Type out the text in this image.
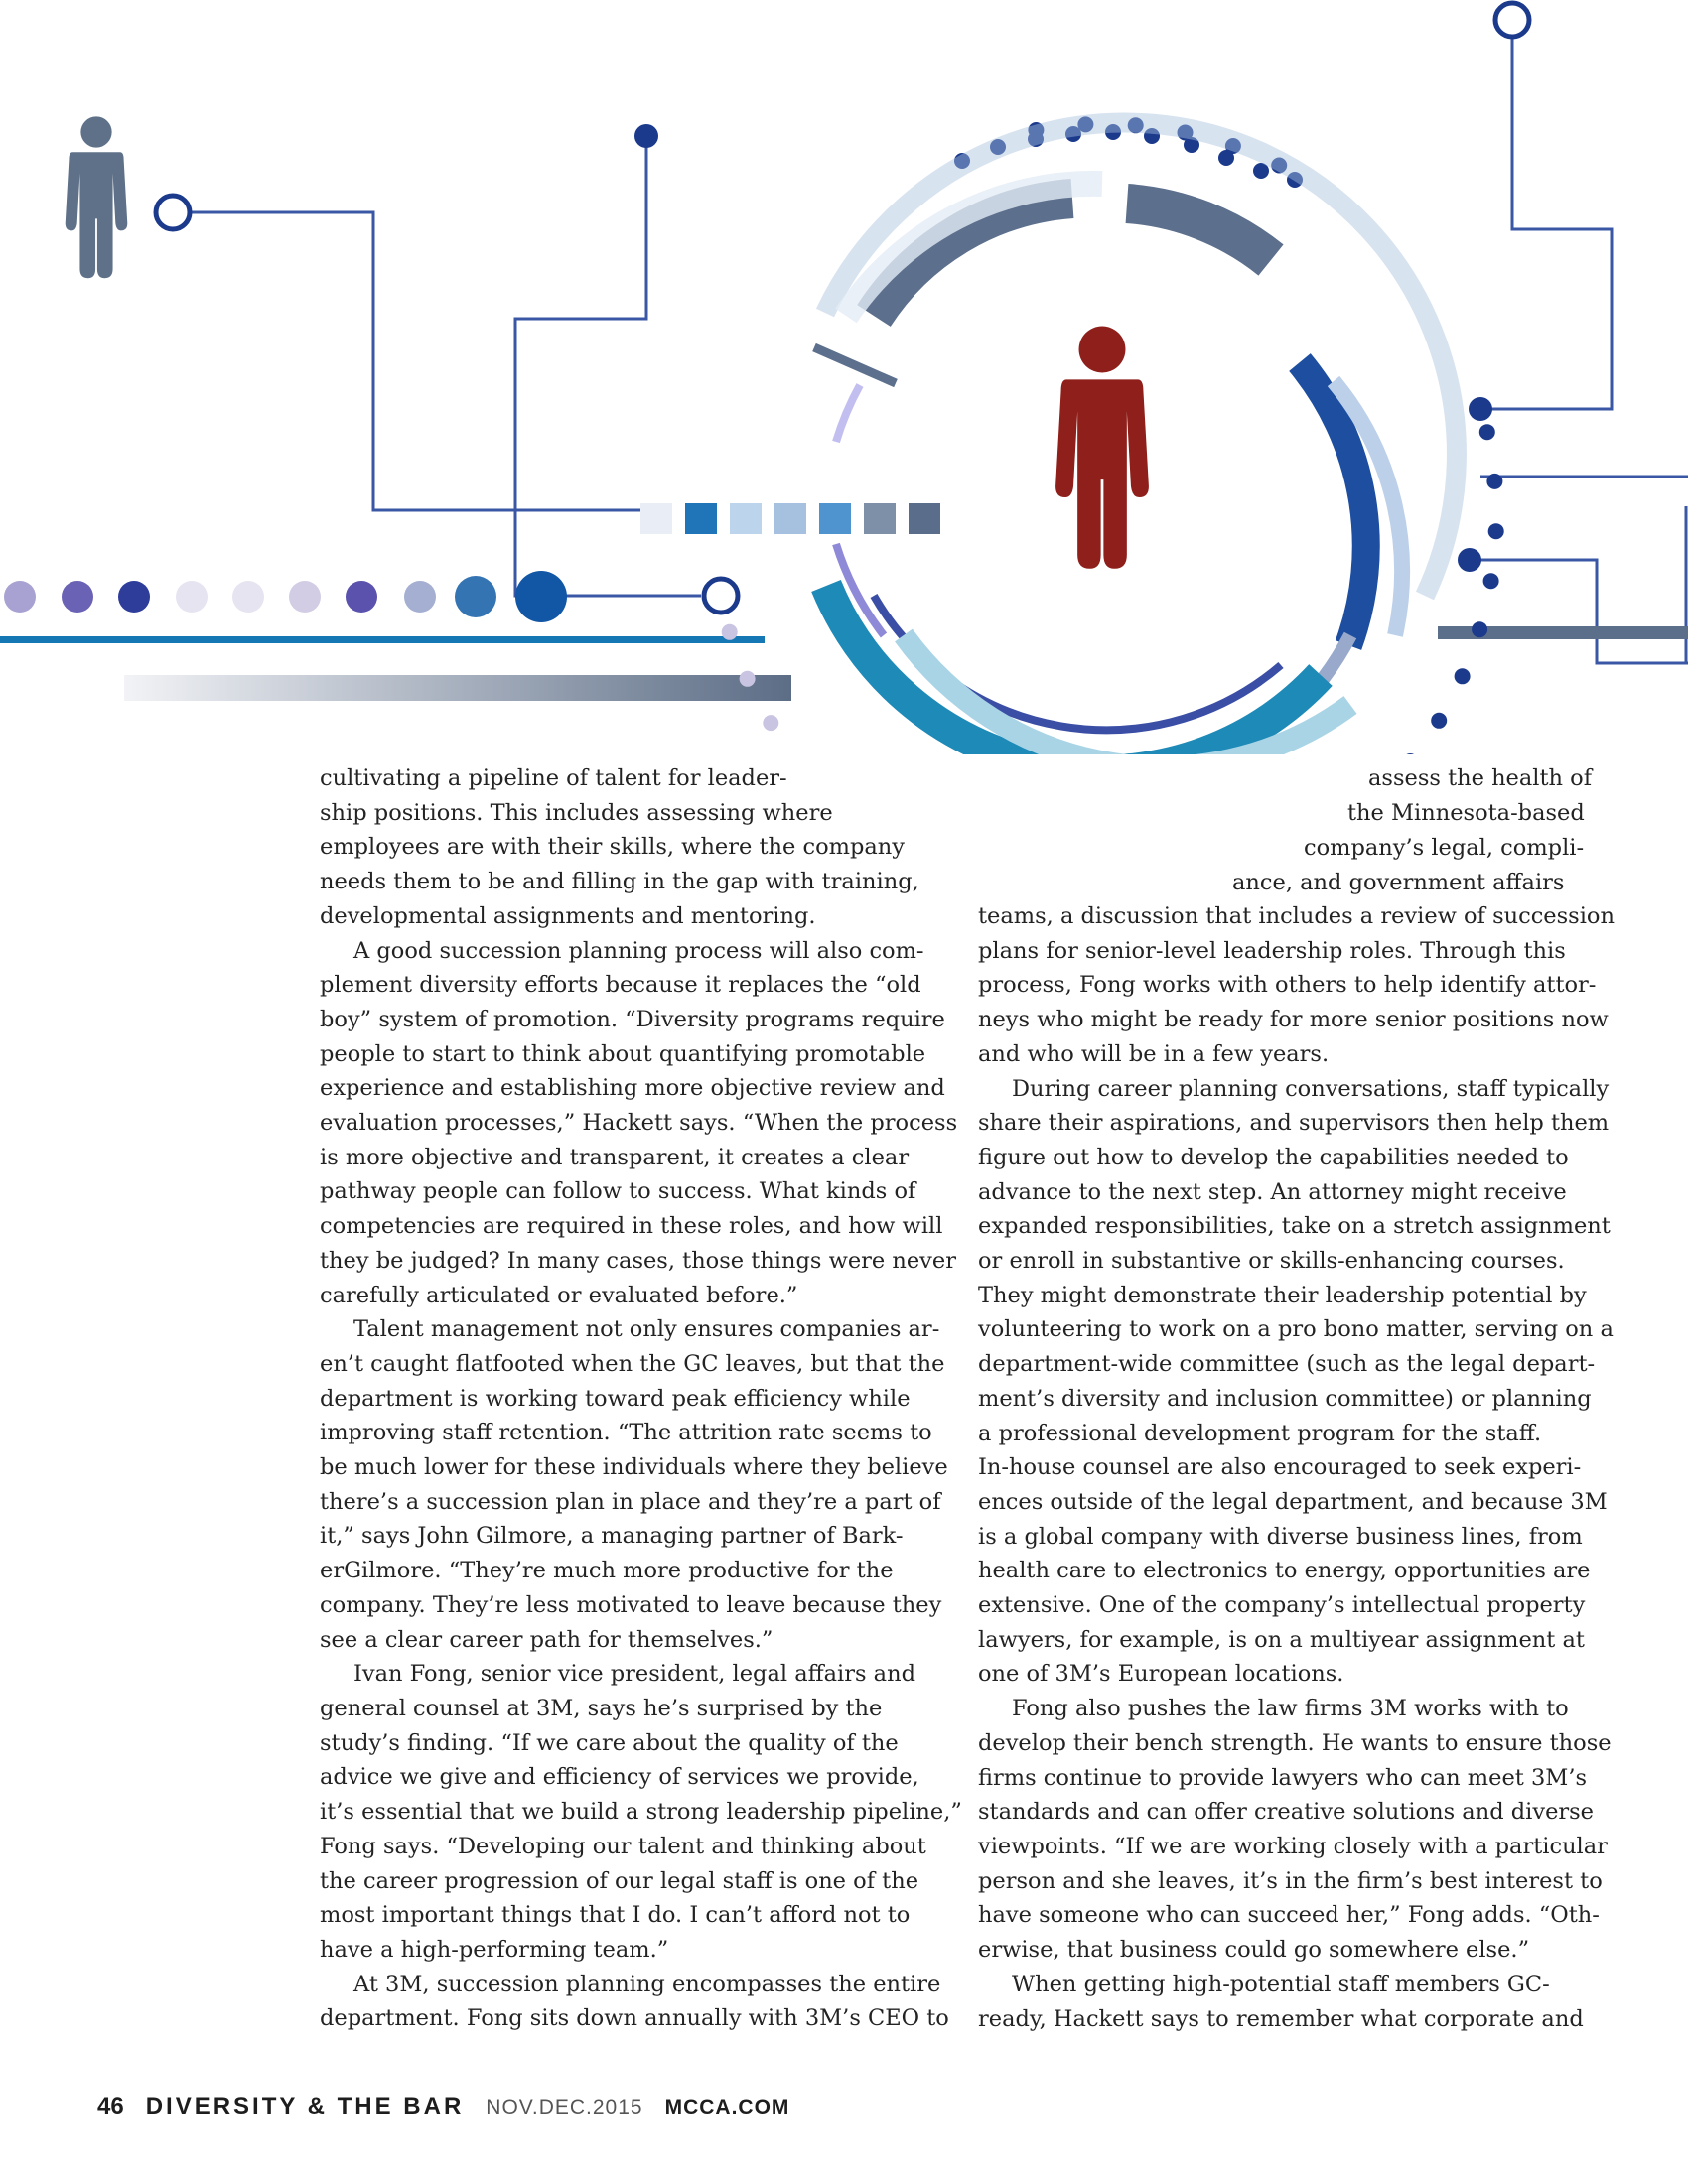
cultivating a pipeline of talent for leader-
ship positions. This includes assessing where
employees are with their skills, where the company
needs them to be and filling in the gap with training,
developmental assignments and mentoring.

A good succession planning process will also com-
plement diversity efforts because it replaces the “old
boy” system of promotion. “Diversity programs require
people to start to think about quantifying promotable
experience and establishing more objective review and
evaluation processes,” Hackett says. “When the process
is more objective and transparent, it creates a clear
pathway people can follow to success. What kinds of
competencies are required in these roles, and how will
they be judged? In many cases, those things were never
carefully articulated or evaluated before.”

Talent management not only ensures companies ar-
en’t caught flatfooted when the GC leaves, but that the
department is working toward peak efficiency while
improving staff retention. “The attrition rate seems to
be much lower for these individuals where they believe
there’s a succession plan in place and they’re a part of
it,” says John Gilmore, a managing partner of Bark-
erGilmore. “They’re much more productive for the
company. They’re less motivated to leave because they
see a clear career path for themselves.”

Ivan Fong, senior vice president, legal affairs and
general counsel at 3M, says he’s surprised by the
study’s finding. “If we care about the quality of the
advice we give and efficiency of services we provide,
it’s essential that we build a strong leadership pipeline,”
Fong says. “Developing our talent and thinking about
the career progression of our legal staff is one of the
most important things that I do. I can’t afford not to
have a high-performing team.”

At 3M, succession planning encompasses the entire
department. Fong sits down annually with 3M’s CEO to

assess the health of
the Minnesota-based
company’s legal, compli-
ance, and government affairs

teams, a discussion that includes a review of succession
plans for senior-level leadership roles. Through this
process, Fong works with others to help identify attor-
neys who might be ready for more senior positions now
and who will be in a few years.

During career planning conversations, staff typically
share their aspirations, and supervisors then help them
figure out how to develop the capabilities needed to
advance to the next step. An attorney might receive
expanded responsibilities, take on a stretch assignment
or enroll in substantive or skills-enhancing courses.
They might demonstrate their leadership potential by
volunteering to work on a pro bono matter, serving on a
department-wide committee (such as the legal depart-
ment’s diversity and inclusion committee) or planning
a professional development program for the staff.
In-house counsel are also encouraged to seek experi-
ences outside of the legal department, and because 3M
is a global company with diverse business lines, from
health care to electronics to energy, opportunities are
extensive. One of the company’s intellectual property
lawyers, for example, is on a multiyear assignment at
one of 3M’s European locations.

Fong also pushes the law firms 3M works with to
develop their bench strength. He wants to ensure those
firms continue to provide lawyers who can meet 3M’s
standards and can offer creative solutions and diverse
viewpoints. “If we are working closely with a particular
person and she leaves, it’s in the firm’s best interest to
have someone who can succeed her,” Fong adds. “Oth-
erwise, that business could go somewhere else.”

When getting high-potential staff members GC-
ready, Hackett says to remember what corporate and

46 DIVERSITY & THE BAR NOV.DEC.2015 MCCA.COM
